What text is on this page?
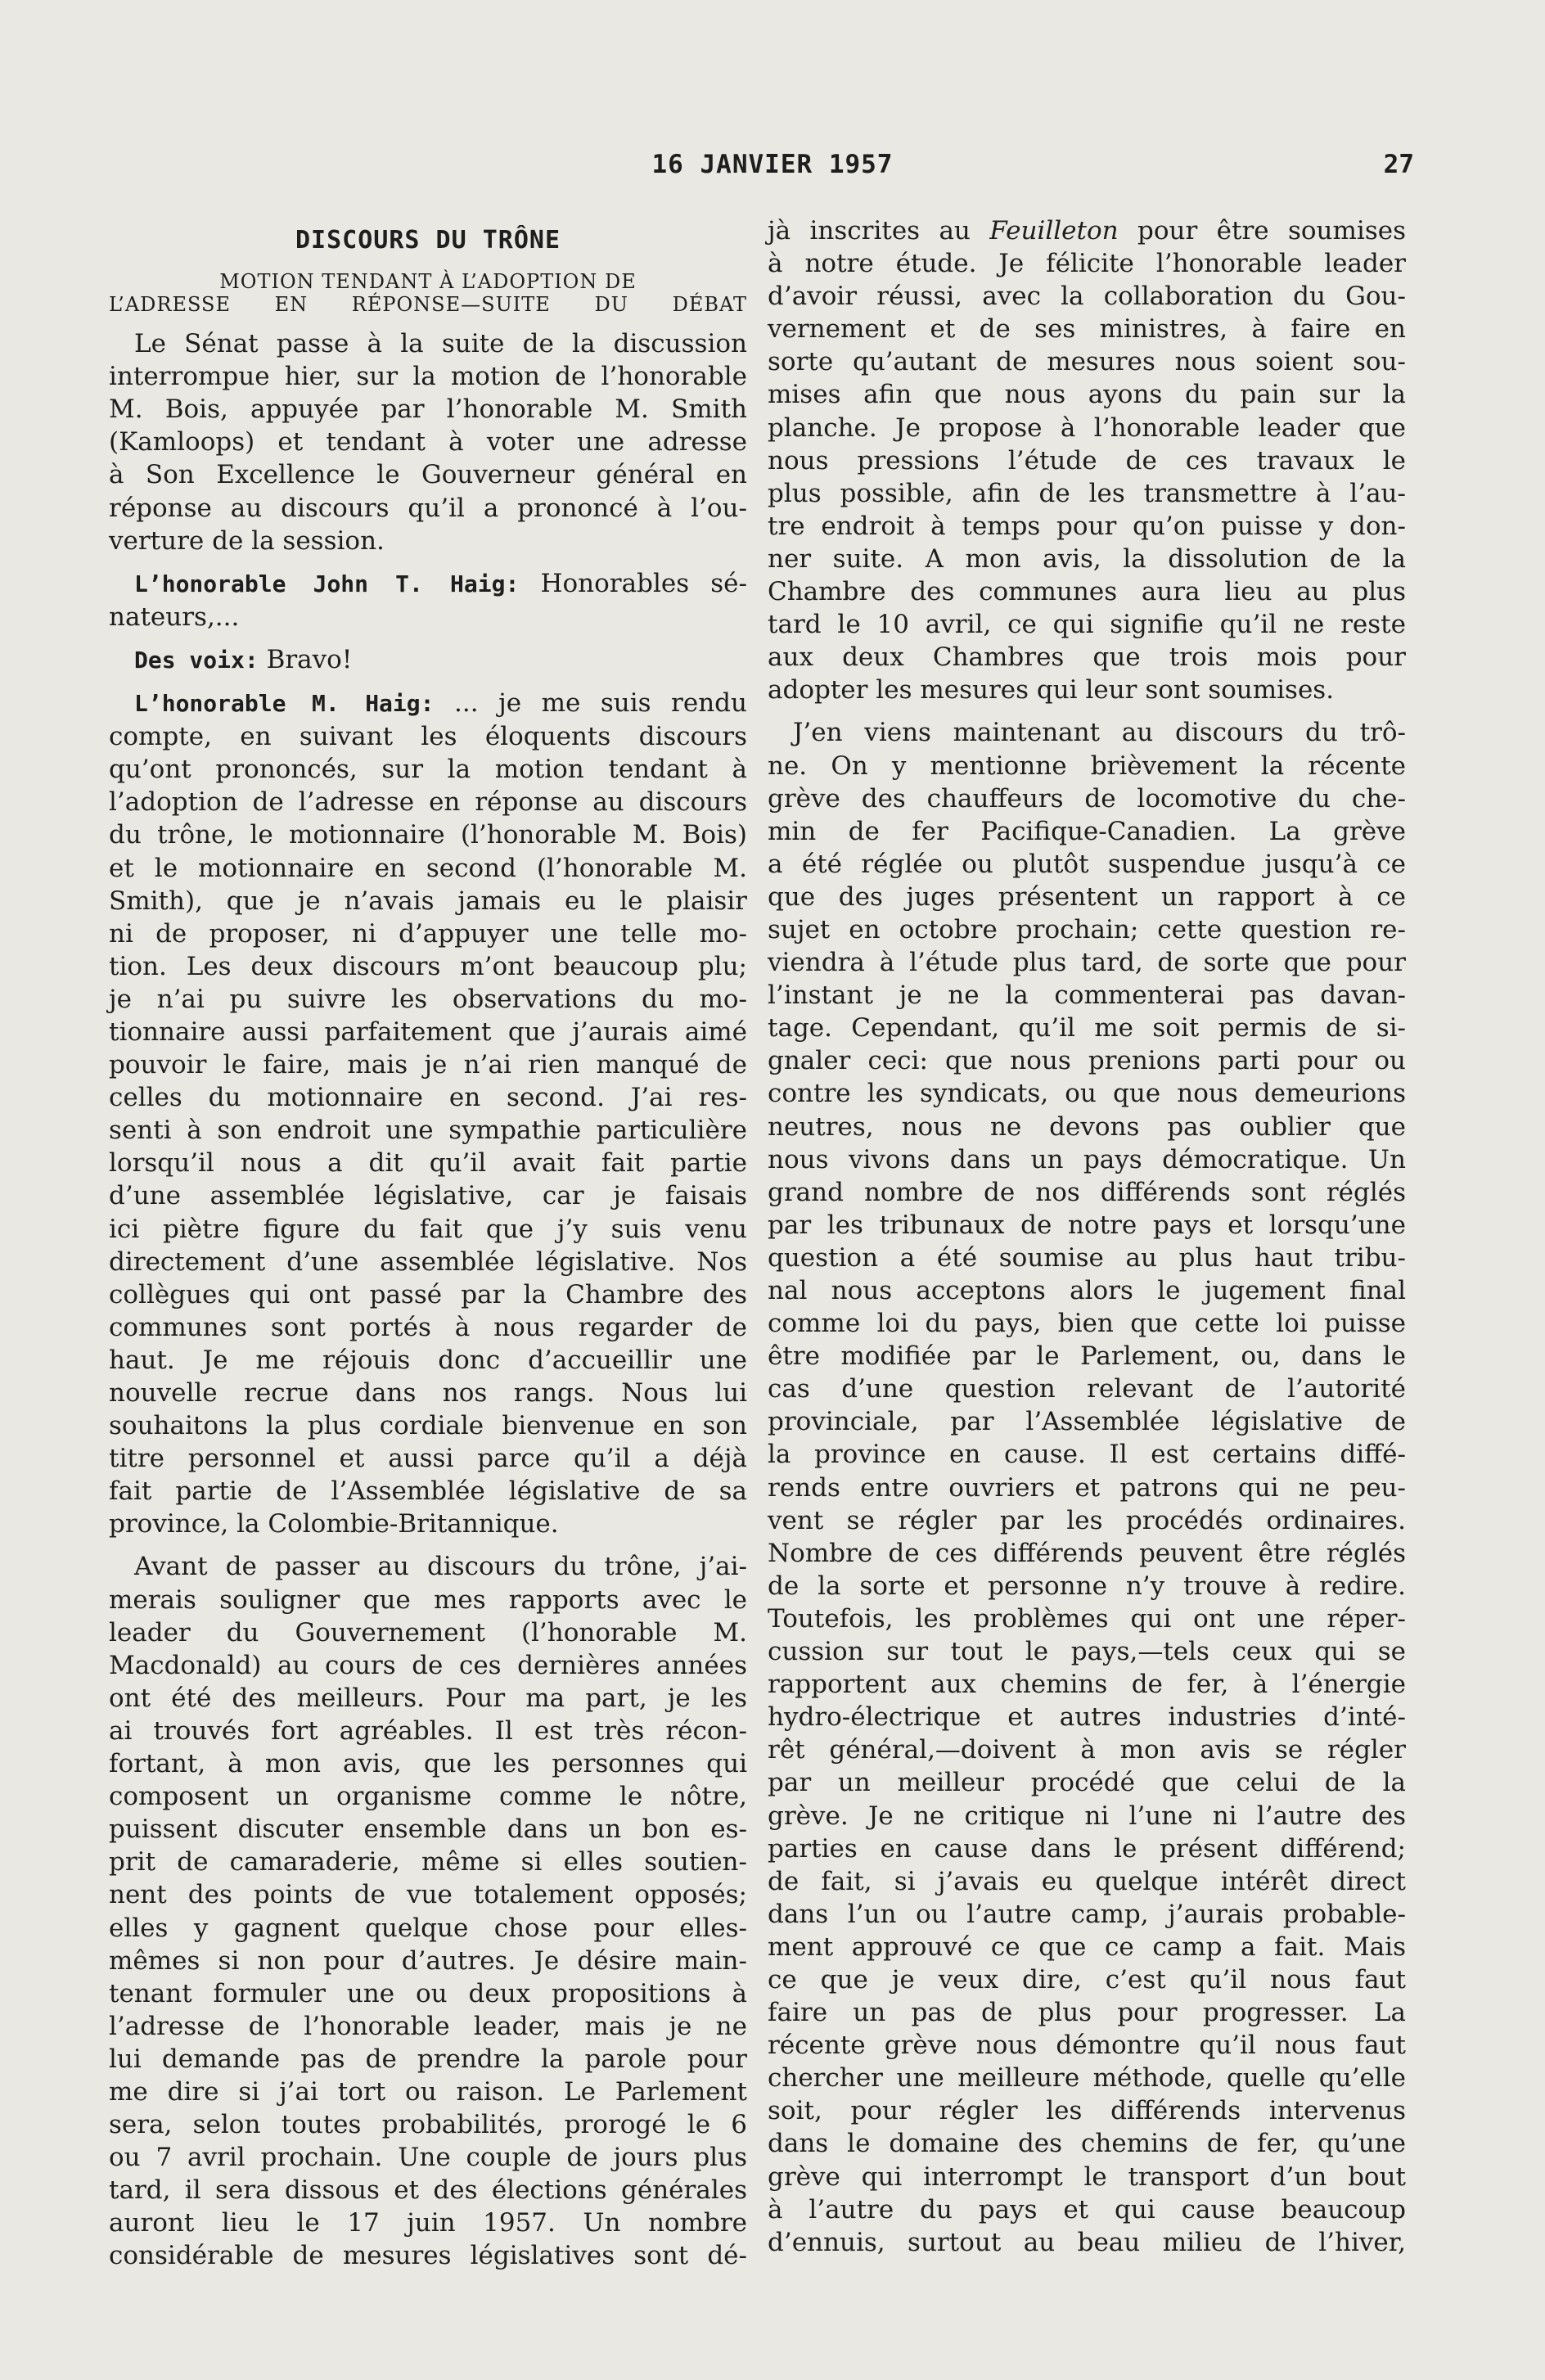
16 JANVIER 1957	27
DISCOURS DU TRÔNE
MOTION TENDANT À L’ADOPTION DE
L’ADRESSE EN RÉPONSE—SUITE DU DÉBAT
Le Sénat passe à la suite de la discussion
interrompue hier, sur la motion de l’honorable
M. Bois, appuyée par l’honorable M. Smith
(Kamloops) et tendant à voter une adresse
à Son Excellence le Gouverneur général en
réponse au discours qu’il a prononcé à l’ou-
verture de la session.
L’honorable John T. Haig: Honorables sé-
nateurs,...
Des voix: Bravo!
L’honorable M. Haig: ... je me suis rendu
compte, en suivant les éloquents discours
qu’ont prononcés, sur la motion tendant à
l’adoption de l’adresse en réponse au discours
du trône, le motionnaire (l’honorable M. Bois)
et le motionnaire en second (l’honorable M.
Smith), que je n’avais jamais eu le plaisir
ni de proposer, ni d’appuyer une telle mo-
tion. Les deux discours m’ont beaucoup plu;
je n’ai pu suivre les observations du mo-
tionnaire aussi parfaitement que j’aurais aimé
pouvoir le faire, mais je n’ai rien manqué de
celles du motionnaire en second. J’ai res-
senti à son endroit une sympathie particulière
lorsqu’il nous a dit qu’il avait fait partie
d’une assemblée législative, car je faisais
ici piètre figure du fait que j’y suis venu
directement d’une assemblée législative. Nos
collègues qui ont passé par la Chambre des
communes sont portés à nous regarder de
haut. Je me réjouis donc d’accueillir une
nouvelle recrue dans nos rangs. Nous lui
souhaitons la plus cordiale bienvenue en son
titre personnel et aussi parce qu’il a déjà
fait partie de l’Assemblée législative de sa
province, la Colombie-Britannique.
Avant de passer au discours du trône, j’ai-
merais souligner que mes rapports avec le
leader du Gouvernement (l’honorable M.
Macdonald) au cours de ces dernières années
ont été des meilleurs. Pour ma part, je les
ai trouvés fort agréables. Il est très récon-
fortant, à mon avis, que les personnes qui
composent un organisme comme le nôtre,
puissent discuter ensemble dans un bon es-
prit de camaraderie, même si elles soutien-
nent des points de vue totalement opposés;
elles y gagnent quelque chose pour elles-
mêmes si non pour d’autres. Je désire main-
tenant formuler une ou deux propositions à
l’adresse de l’honorable leader, mais je ne
lui demande pas de prendre la parole pour
me dire si j’ai tort ou raison. Le Parlement
sera, selon toutes probabilités, prorogé le 6
ou 7 avril prochain. Une couple de jours plus
tard, il sera dissous et des élections générales
auront lieu le 17 juin 1957. Un nombre
considérable de mesures législatives sont dé-
jà inscrites au Feuilleton pour être soumises
à notre étude. Je félicite l’honorable leader
d’avoir réussi, avec la collaboration du Gou-
vernement et de ses ministres, à faire en
sorte qu’autant de mesures nous soient sou-
mises afin que nous ayons du pain sur la
planche. Je propose à l’honorable leader que
nous pressions l’étude de ces travaux le
plus possible, afin de les transmettre à l’au-
tre endroit à temps pour qu’on puisse y don-
ner suite. A mon avis, la dissolution de la
Chambre des communes aura lieu au plus
tard le 10 avril, ce qui signifie qu’il ne reste
aux deux Chambres que trois mois pour
adopter les mesures qui leur sont soumises.
J’en viens maintenant au discours du trô-
ne. On y mentionne brièvement la récente
grève des chauffeurs de locomotive du che-
min de fer Pacifique-Canadien. La grève
a été réglée ou plutôt suspendue jusqu’à ce
que des juges présentent un rapport à ce
sujet en octobre prochain; cette question re-
viendra à l’étude plus tard, de sorte que pour
l’instant je ne la commenterai pas davan-
tage. Cependant, qu’il me soit permis de si-
gnaler ceci: que nous prenions parti pour ou
contre les syndicats, ou que nous demeurions
neutres, nous ne devons pas oublier que
nous vivons dans un pays démocratique. Un
grand nombre de nos différends sont réglés
par les tribunaux de notre pays et lorsqu’une
question a été soumise au plus haut tribu-
nal nous acceptons alors le jugement final
comme loi du pays, bien que cette loi puisse
être modifiée par le Parlement, ou, dans le
cas d’une question relevant de l’autorité
provinciale, par l’Assemblée législative de
la province en cause. Il est certains diffé-
rends entre ouvriers et patrons qui ne peu-
vent se régler par les procédés ordinaires.
Nombre de ces différends peuvent être réglés
de la sorte et personne n’y trouve à redire.
Toutefois, les problèmes qui ont une réper-
cussion sur tout le pays,—tels ceux qui se
rapportent aux chemins de fer, à l’énergie
hydro-électrique et autres industries d’inté-
rêt général,—doivent à mon avis se régler
par un meilleur procédé que celui de la
grève. Je ne critique ni l’une ni l’autre des
parties en cause dans le présent différend;
de fait, si j’avais eu quelque intérêt direct
dans l’un ou l’autre camp, j’aurais probable-
ment approuvé ce que ce camp a fait. Mais
ce que je veux dire, c’est qu’il nous faut
faire un pas de plus pour progresser. La
récente grève nous démontre qu’il nous faut
chercher une meilleure méthode, quelle qu’elle
soit, pour régler les différends intervenus
dans le domaine des chemins de fer, qu’une
grève qui interrompt le transport d’un bout
à l’autre du pays et qui cause beaucoup
d’ennuis, surtout au beau milieu de l’hiver,
